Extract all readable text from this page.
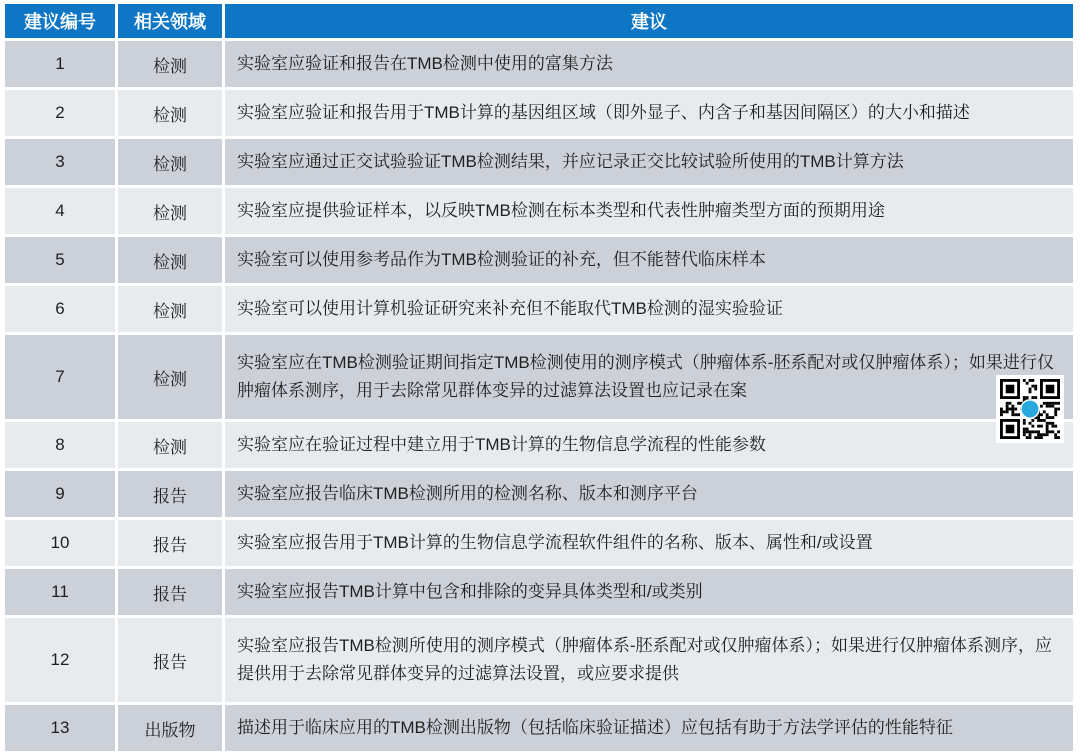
建议编号	相关领域	建议
1	检测	实验室应验证和报告在TMB检测中使用的富集方法
2	检测	实验室应验证和报告用于TMB计算的基因组区域（即外显子、内含子和基因间隔区）的大小和描述
3	检测	实验室应通过正交试验验证TMB检测结果，并应记录正交比较试验所使用的TMB计算方法
4	检测	实验室应提供验证样本，以反映TMB检测在标本类型和代表性肿瘤类型方面的预期用途
5	检测	实验室可以使用参考品作为TMB检测验证的补充，但不能替代临床样本
6	检测	实验室可以使用计算机验证研究来补充但不能取代TMB检测的湿实验验证
7	检测	实验室应在TMB检测验证期间指定TMB检测使用的测序模式（肿瘤体系-胚系配对或仅肿瘤体系）；如果进行仅肿瘤体系测序，用于去除常见群体变异的过滤算法设置也应记录在案
8	检测	实验室应在验证过程中建立用于TMB计算的生物信息学流程的性能参数
9	报告	实验室应报告临床TMB检测所用的检测名称、版本和测序平台
10	报告	实验室应报告用于TMB计算的生物信息学流程软件组件的名称、版本、属性和/或设置
11	报告	实验室应报告TMB计算中包含和排除的变异具体类型和/或类别
12	报告	实验室应报告TMB检测所使用的测序模式（肿瘤体系-胚系配对或仅肿瘤体系）；如果进行仅肿瘤体系测序，应提供用于去除常见群体变异的过滤算法设置，或应要求提供
13	出版物	描述用于临床应用的TMB检测出版物（包括临床验证描述）应包括有助于方法学评估的性能特征
